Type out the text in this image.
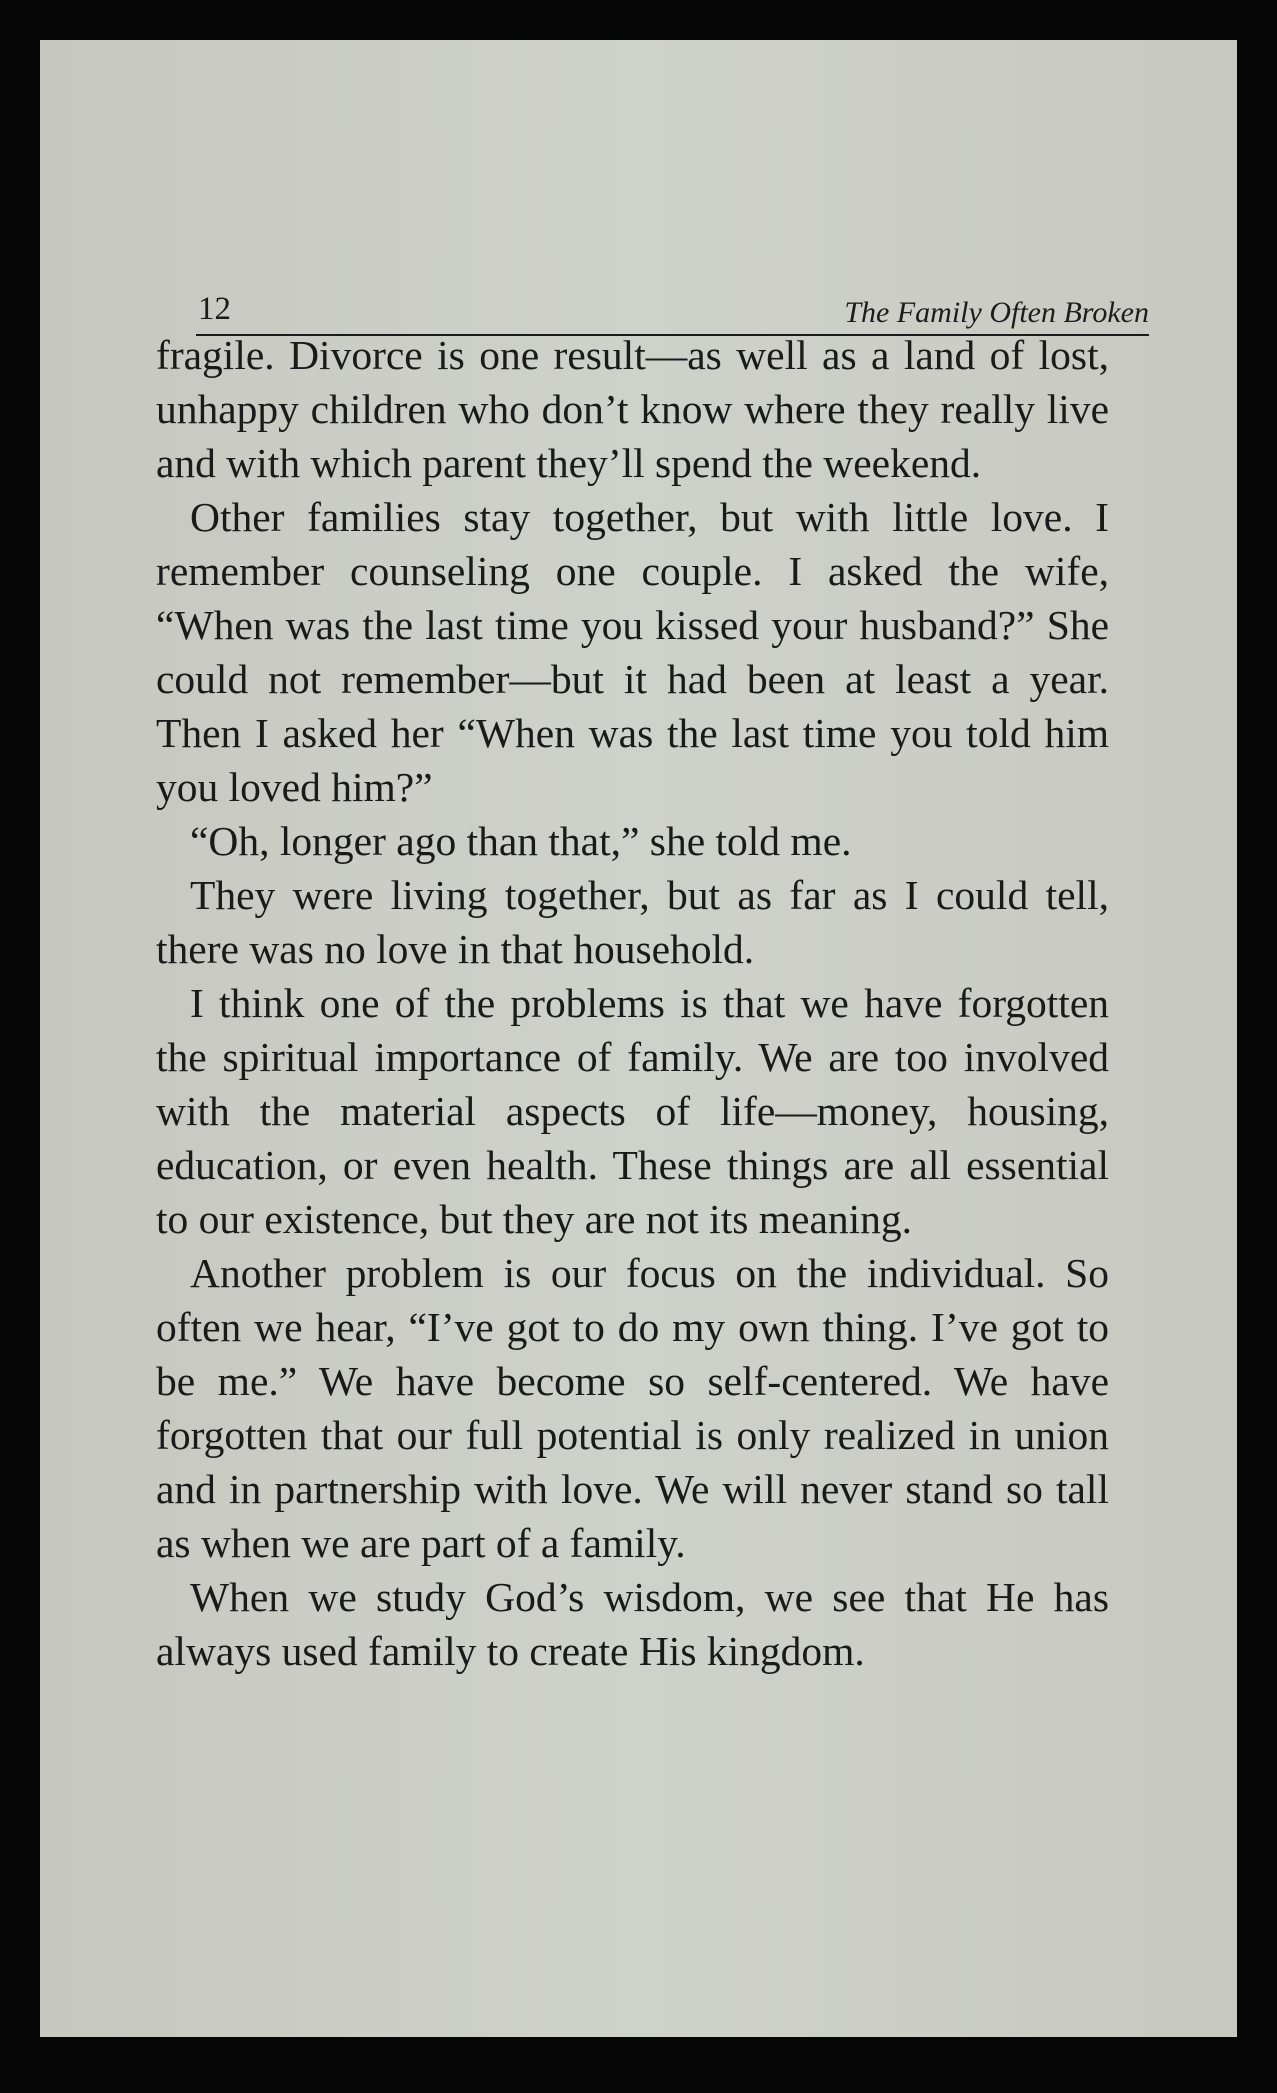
12	The Family Often Broken

fragile. Divorce is one result—as well as a land of lost, unhappy children who don’t know where they really live and with which parent they’ll spend the weekend.

Other families stay together, but with little love. I remember counseling one couple. I asked the wife, “When was the last time you kissed your husband?” She could not remember—but it had been at least a year. Then I asked her “When was the last time you told him you loved him?”

“Oh, longer ago than that,” she told me.

They were living together, but as far as I could tell, there was no love in that household.

I think one of the problems is that we have forgotten the spiritual importance of family. We are too involved with the material aspects of life—money, housing, education, or even health. These things are all essential to our existence, but they are not its meaning.

Another problem is our focus on the individual. So often we hear, “I’ve got to do my own thing. I’ve got to be me.” We have become so self-centered. We have forgotten that our full potential is only realized in union and in partnership with love. We will never stand so tall as when we are part of a family.

When we study God’s wisdom, we see that He has always used family to create His kingdom.
